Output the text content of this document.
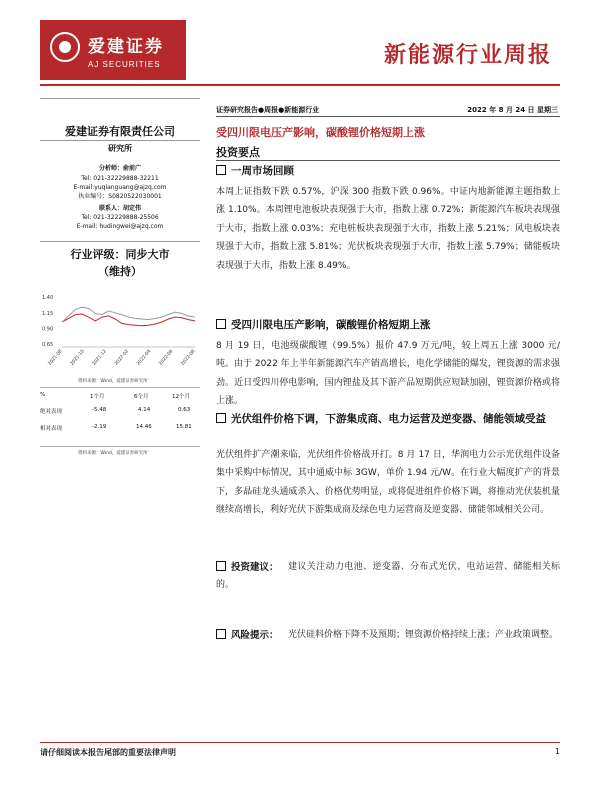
爱建证券
AJ SECURITIES	新能源行业周报
爱建证券有限责任公司
研究所
分析师：俞前广
Tel: 021-32229888-32211
E-mail:yuqianguang@ajzq.com
执业编号：S0820522030001
联系人：胡定伟
Tel: 021-32229888-25506
E-mail: hudingwei@ajzq.com
行业评级：同步大市
（维持）
1.40
1.15
0.90
0.65
2021-08 2021-10 2021-12 2022-02 2022-04 2022-06 2022-08
资料来源：Wind，爱建证券研究所
%	1个月	6个月	12个月
绝对表现	-5.48	4.14	0.63
相对表现	-2.19	14.46	15.81
资料来源：Wind，爱建证券研究所
证券研究报告●周报●新能源行业	2022 年 8 月 24 日 星期三
受四川限电压产影响，碳酸锂价格短期上涨
投资要点
一周市场回顾
本周上证指数下跌 0.57%，沪深 300 指数下跌 0.96%。中证内地新能源主题指数上涨 1.10%。本周锂电池板块表现强于大市，指数上涨 0.72%；新能源汽车板块表现强于大市，指数上涨 0.03%；充电桩板块表现强于大市，指数上涨 5.21%；风电板块表现强于大市，指数上涨 5.81%；光伏板块表现强于大市，指数上涨 5.79%；储能板块表现强于大市，指数上涨 8.49%。
受四川限电压产影响，碳酸锂价格短期上涨
8 月 19 日，电池级碳酸锂（99.5%）报价 47.9 万元/吨，较上周五上涨 3000 元/吨。由于 2022 年上半年新能源汽车产销高增长，电化学储能的爆发，锂资源的需求强劲。近日受四川停电影响，国内锂盐及其下游产品短期供应短缺加剧，锂资源价格或将上涨。
光伏组件价格下调，下游集成商、电力运营及逆变器、储能领域受益
光伏组件扩产潮来临，光伏组件价格战开打。8 月 17 日，华润电力公示光伏组件设备集中采购中标情况，其中通威中标 3GW，单价 1.94 元/W。在行业大幅度扩产的背景下，多晶硅龙头通威杀入、价格优势明显，或将促进组件价格下调，将推动光伏装机量继续高增长，利好光伏下游集成商及绿色电力运营商及逆变器、储能邻域相关公司。
投资建议：	建议关注动力电池、逆变器、分布式光伏、电站运营、储能相关标的。
风险提示：	光伏硅料价格下降不及预期；锂资源价格持续上涨；产业政策调整。
请仔细阅读本报告尾部的重要法律声明	1
